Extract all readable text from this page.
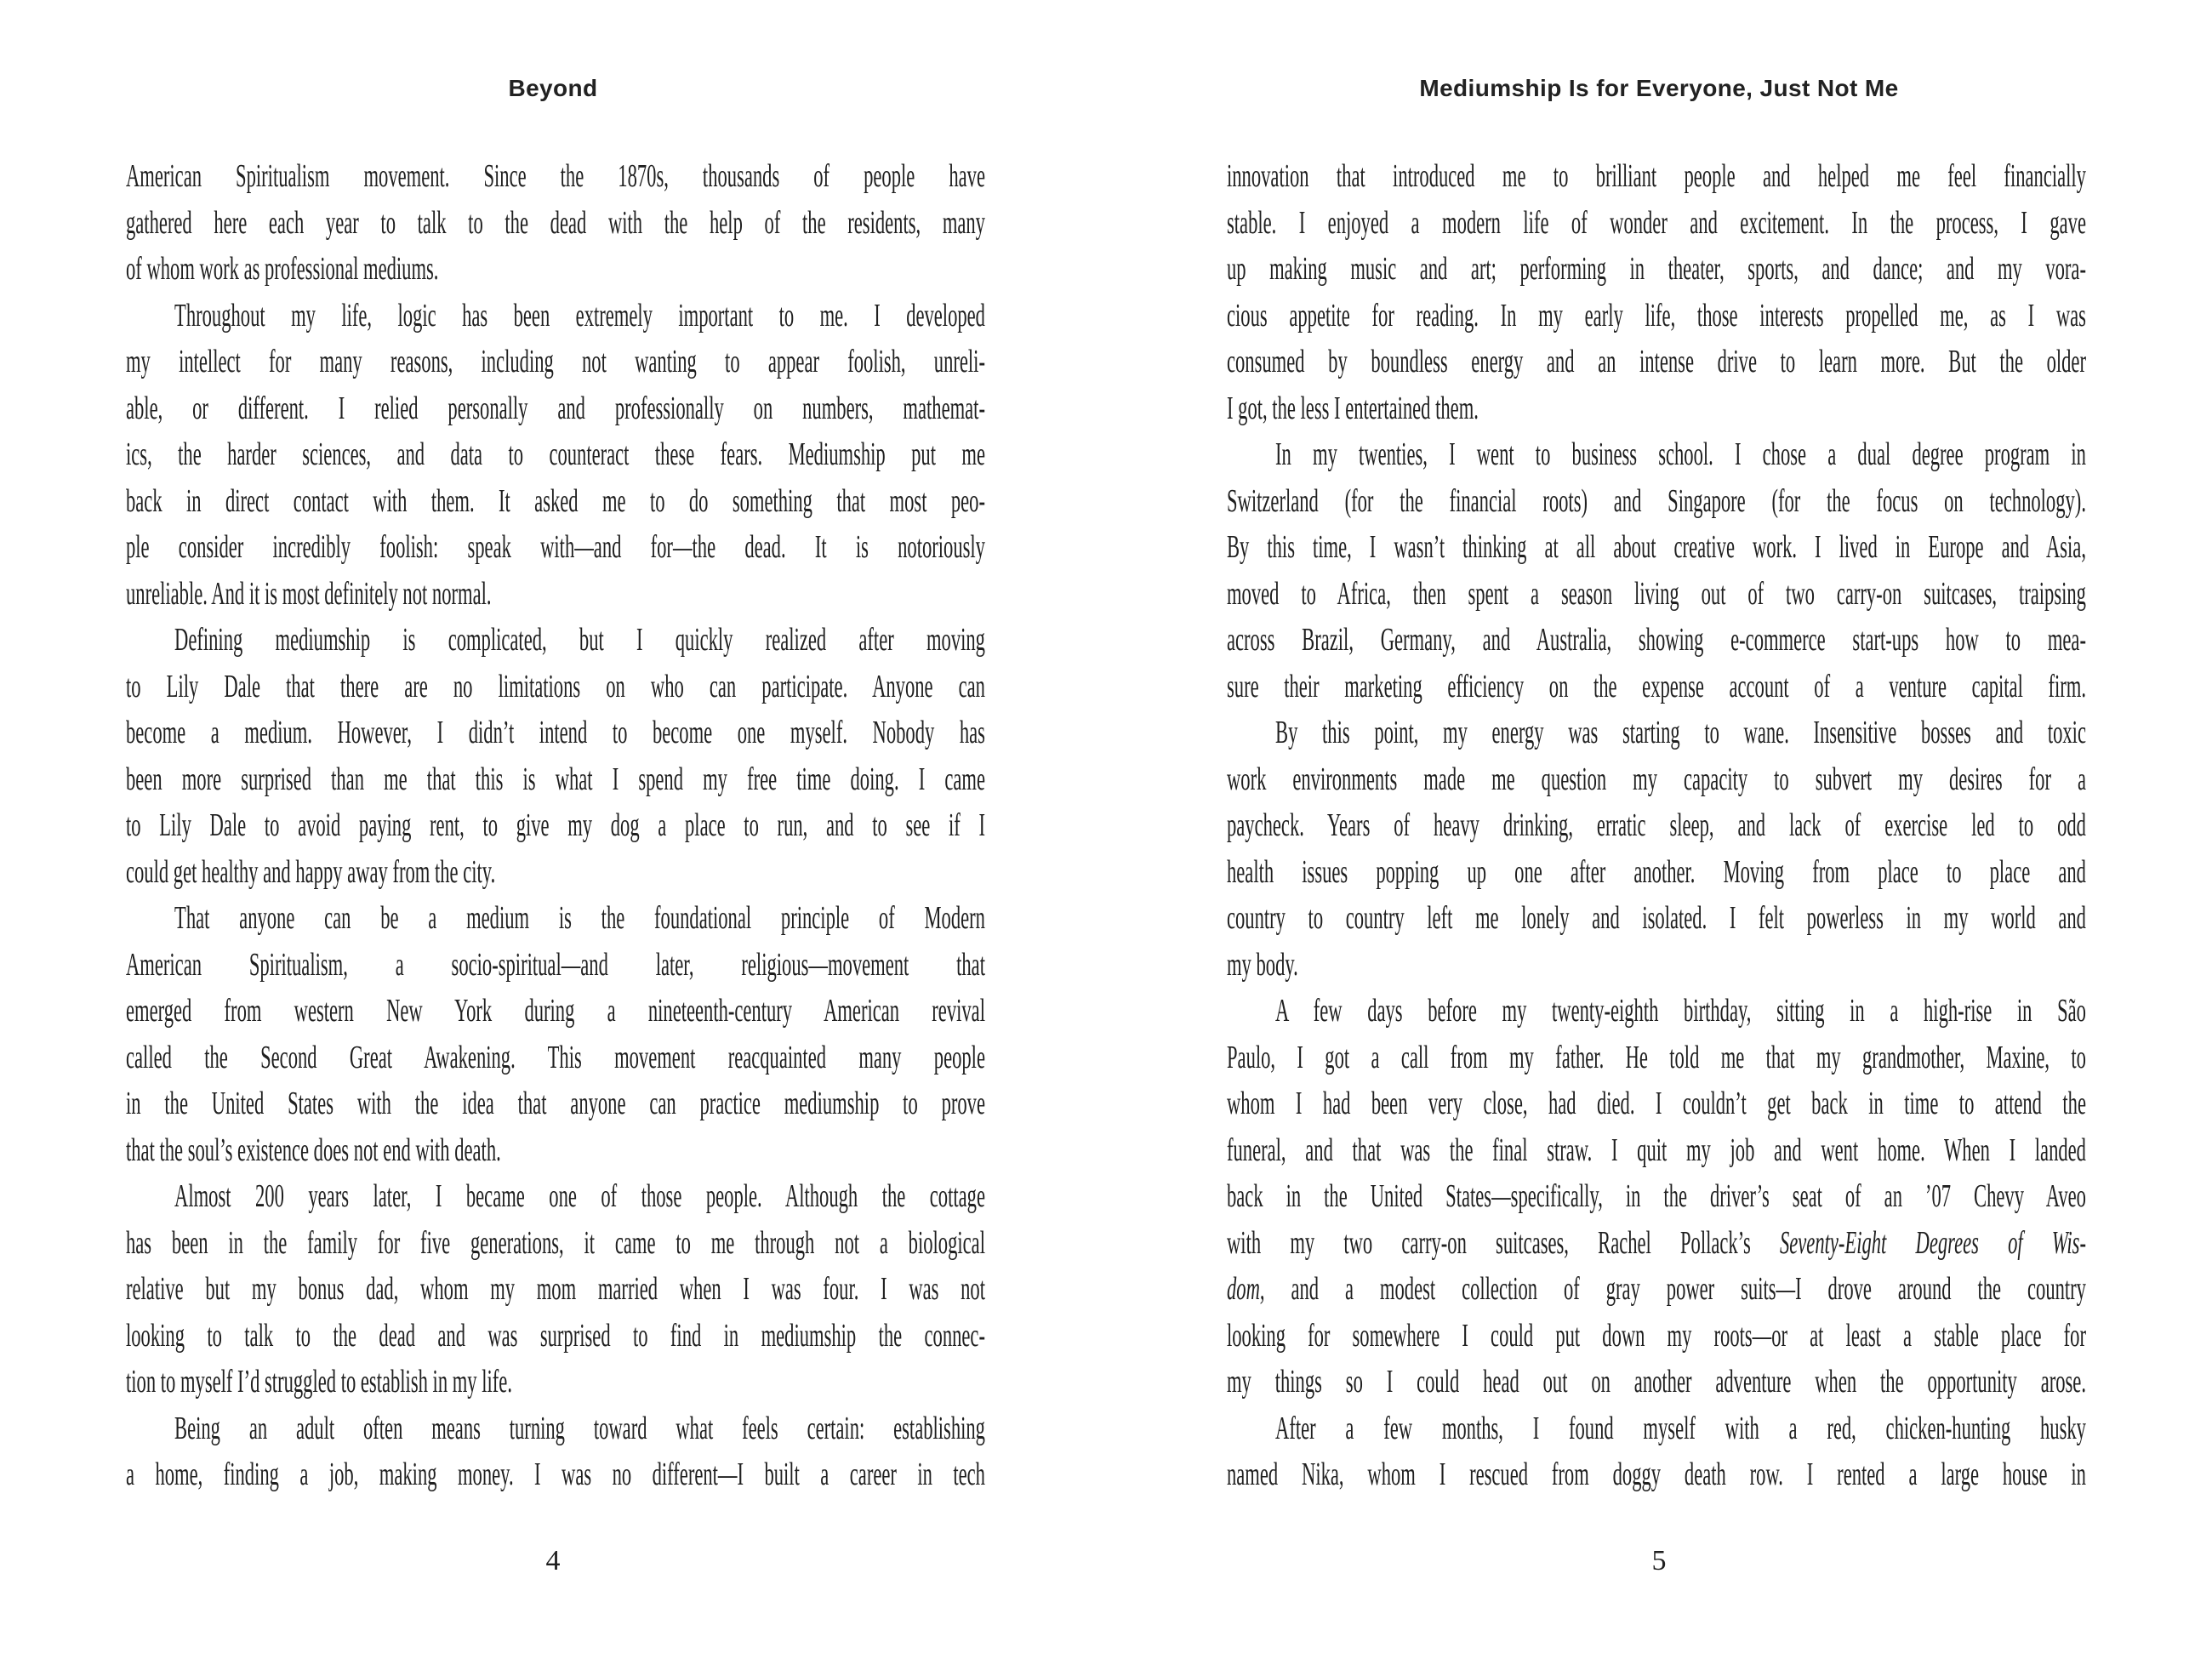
Beyond
American Spiritualism movement. Since the 1870s, thousands of people have
gathered here each year to talk to the dead with the help of the residents, many
of whom work as professional mediums.
Throughout my life, logic has been extremely important to me. I developed
my intellect for many reasons, including not wanting to appear foolish, unreli-
able, or different. I relied personally and professionally on numbers, mathemat-
ics, the harder sciences, and data to counteract these fears. Mediumship put me
back in direct contact with them. It asked me to do something that most peo-
ple consider incredibly foolish: speak with—and for—the dead. It is notoriously
unreliable. And it is most definitely not normal.
Defining mediumship is complicated, but I quickly realized after moving
to Lily Dale that there are no limitations on who can participate. Anyone can
become a medium. However, I didn’t intend to become one myself. Nobody has
been more surprised than me that this is what I spend my free time doing. I came
to Lily Dale to avoid paying rent, to give my dog a place to run, and to see if I
could get healthy and happy away from the city.
That anyone can be a medium is the foundational principle of Modern
American Spiritualism, a socio-spiritual—and later, religious—movement that
emerged from western New York during a nineteenth-century American revival
called the Second Great Awakening. This movement reacquainted many people
in the United States with the idea that anyone can practice mediumship to prove
that the soul’s existence does not end with death.
Almost 200 years later, I became one of those people. Although the cottage
has been in the family for five generations, it came to me through not a biological
relative but my bonus dad, whom my mom married when I was four. I was not
looking to talk to the dead and was surprised to find in mediumship the connec-
tion to myself I’d struggled to establish in my life.
Being an adult often means turning toward what feels certain: establishing
a home, finding a job, making money. I was no different—I built a career in tech
4
Mediumship Is for Everyone, Just Not Me
innovation that introduced me to brilliant people and helped me feel financially
stable. I enjoyed a modern life of wonder and excitement. In the process, I gave
up making music and art; performing in theater, sports, and dance; and my vora-
cious appetite for reading. In my early life, those interests propelled me, as I was
consumed by boundless energy and an intense drive to learn more. But the older
I got, the less I entertained them.
In my twenties, I went to business school. I chose a dual degree program in
Switzerland (for the financial roots) and Singapore (for the focus on technology).
By this time, I wasn’t thinking at all about creative work. I lived in Europe and Asia,
moved to Africa, then spent a season living out of two carry-on suitcases, traipsing
across Brazil, Germany, and Australia, showing e-commerce start-ups how to mea-
sure their marketing efficiency on the expense account of a venture capital firm.
By this point, my energy was starting to wane. Insensitive bosses and toxic
work environments made me question my capacity to subvert my desires for a
paycheck. Years of heavy drinking, erratic sleep, and lack of exercise led to odd
health issues popping up one after another. Moving from place to place and
country to country left me lonely and isolated. I felt powerless in my world and
my body.
A few days before my twenty-eighth birthday, sitting in a high-rise in São
Paulo, I got a call from my father. He told me that my grandmother, Maxine, to
whom I had been very close, had died. I couldn’t get back in time to attend the
funeral, and that was the final straw. I quit my job and went home. When I landed
back in the United States—specifically, in the driver’s seat of an ’07 Chevy Aveo
with my two carry-on suitcases, Rachel Pollack’s Seventy-Eight Degrees of Wis-
dom, and a modest collection of gray power suits—I drove around the country
looking for somewhere I could put down my roots—or at least a stable place for
my things so I could head out on another adventure when the opportunity arose.
After a few months, I found myself with a red, chicken-hunting husky
named Nika, whom I rescued from doggy death row. I rented a large house in
5
